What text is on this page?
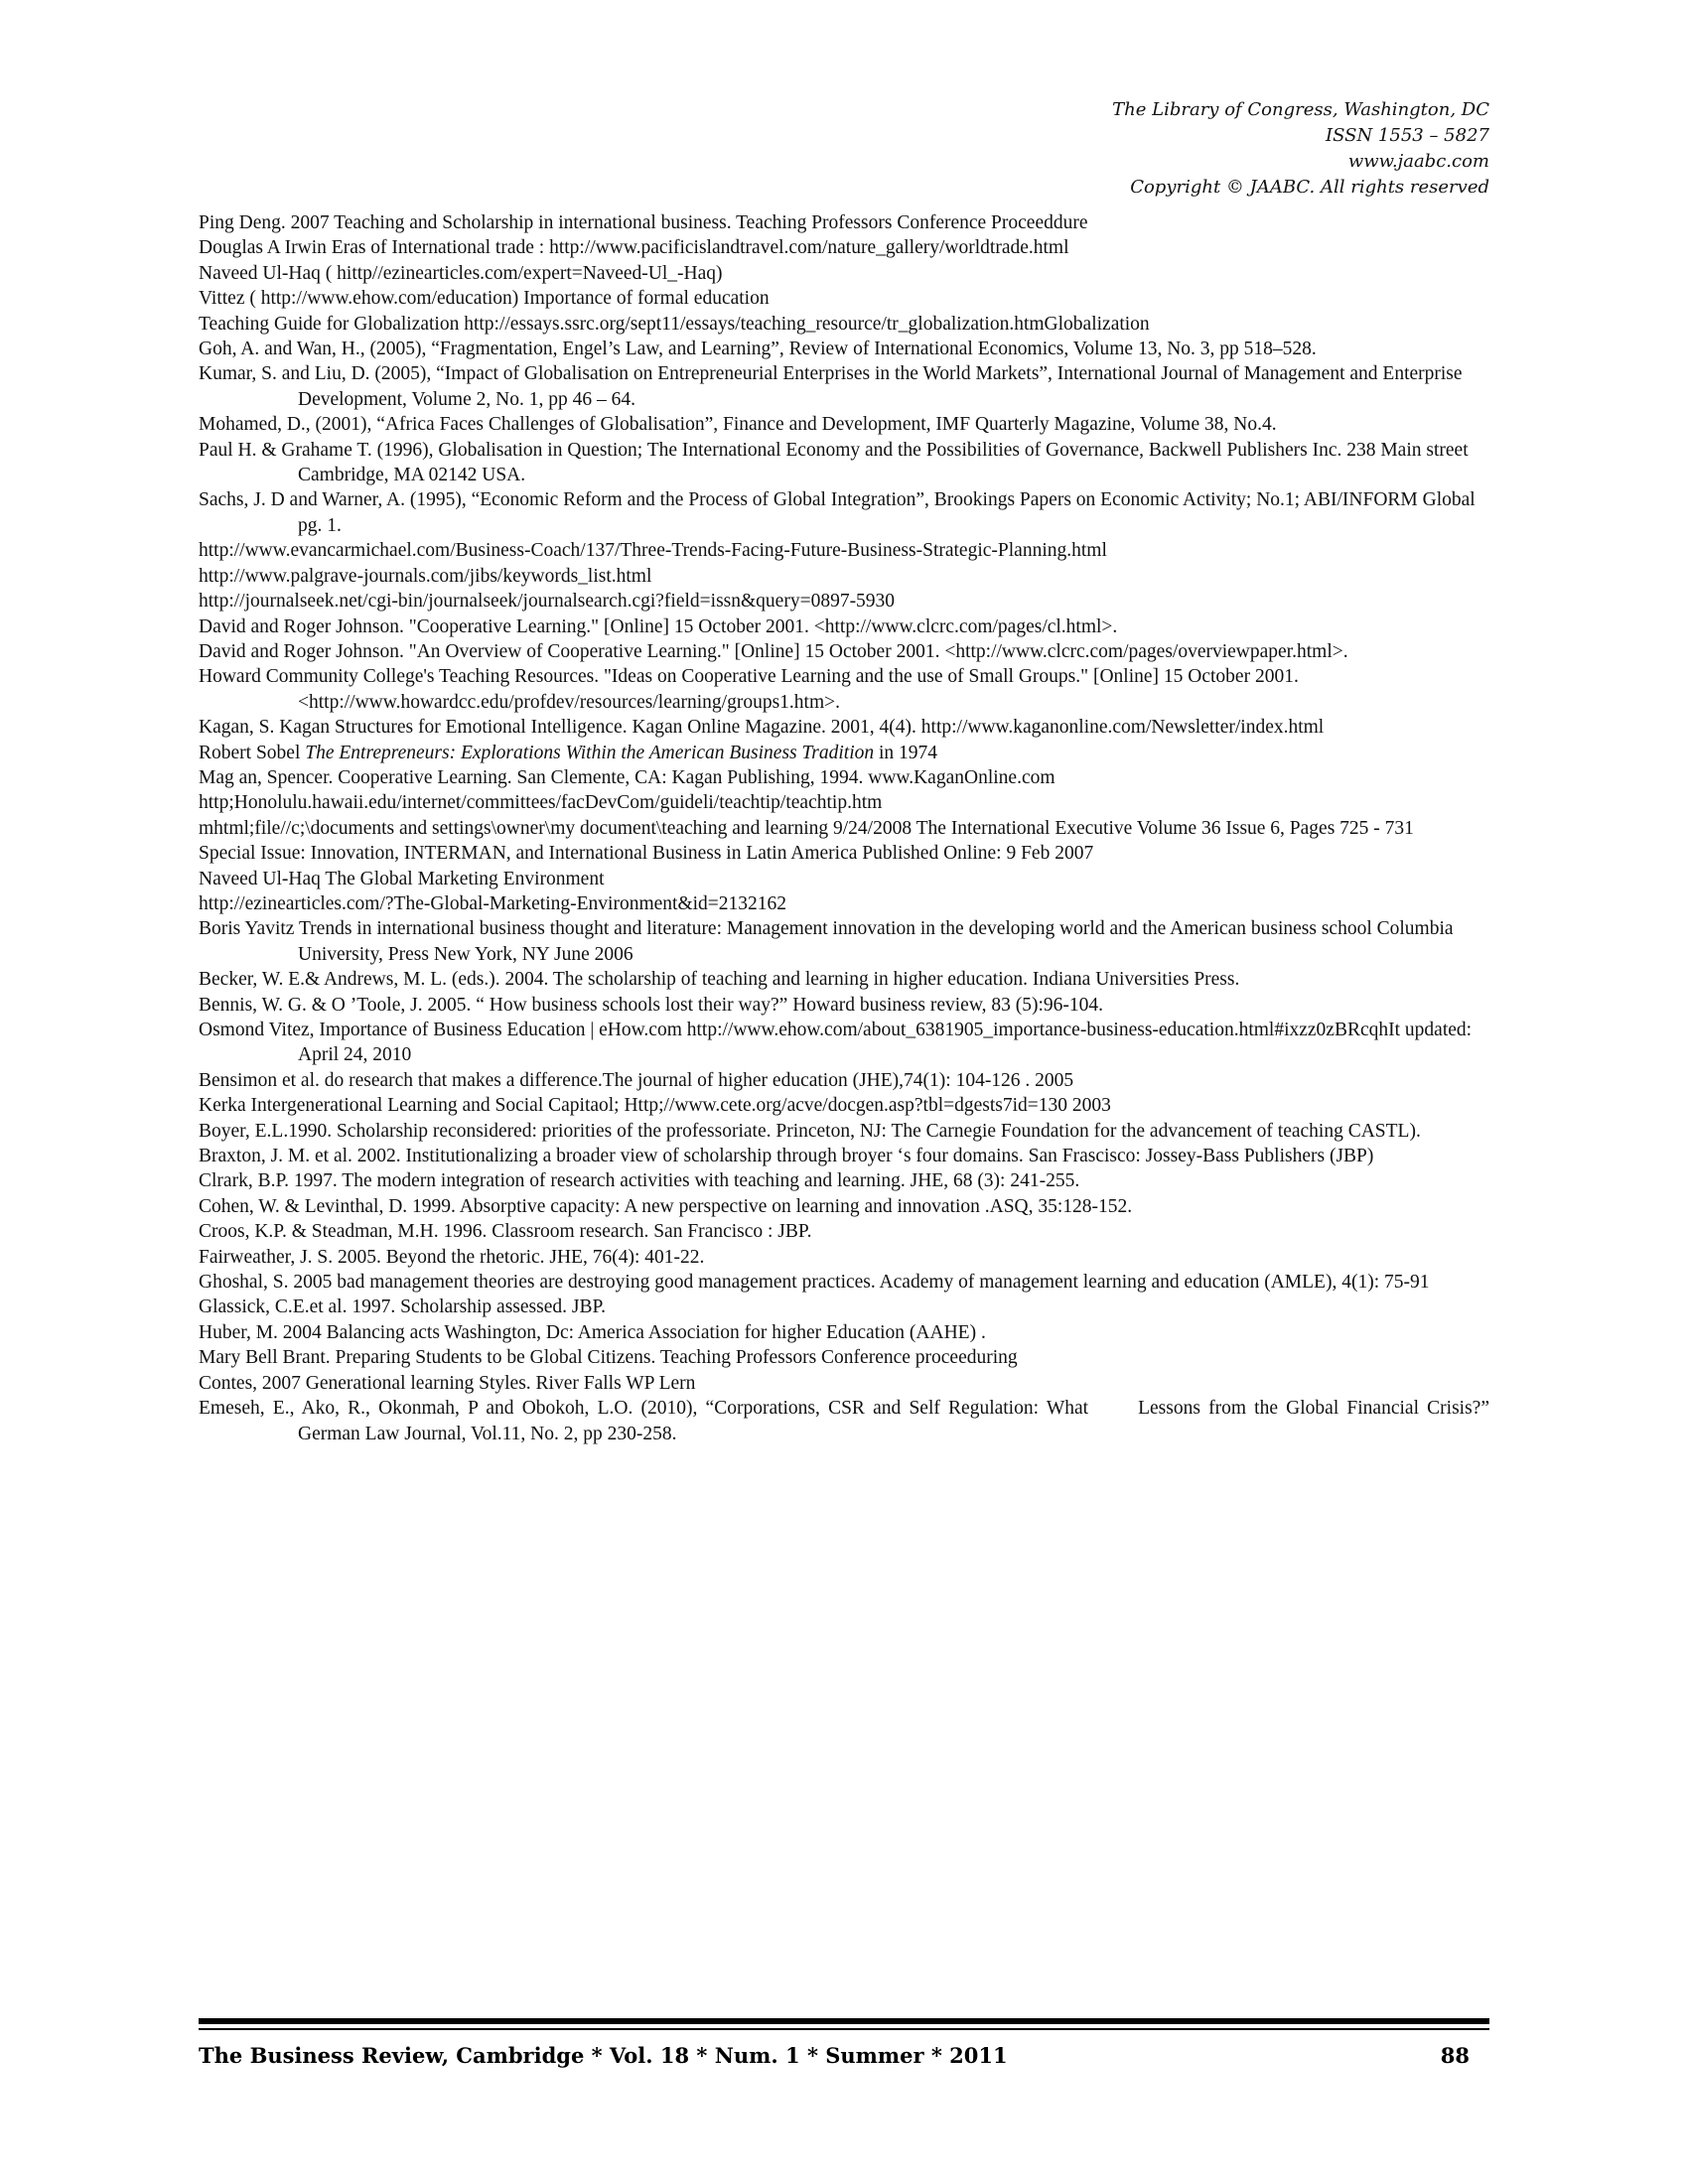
The Library of Congress, Washington, DC
ISSN 1553 – 5827
www.jaabc.com
Copyright © JAABC. All rights reserved
Ping Deng. 2007 Teaching and Scholarship in international business. Teaching Professors Conference Proceeddure
Douglas A Irwin Eras of International trade : http://www.pacificislandtravel.com/nature_gallery/worldtrade.html
Naveed Ul-Haq ( hittp//ezinearticles.com/expert=Naveed-Ul_-Haq)
Vittez ( http://www.ehow.com/education) Importance of formal education
Teaching Guide for Globalization http://essays.ssrc.org/sept11/essays/teaching_resource/tr_globalization.htmGlobalization
Goh, A. and Wan, H., (2005), “Fragmentation, Engel’s Law, and Learning”, Review of International Economics, Volume 13, No. 3, pp 518–528.
Kumar, S. and Liu, D. (2005), “Impact of Globalisation on Entrepreneurial Enterprises in the World Markets”, International Journal of Management and Enterprise Development, Volume 2, No. 1, pp 46 – 64.
Mohamed, D., (2001), “Africa Faces Challenges of Globalisation”, Finance and Development, IMF Quarterly Magazine, Volume 38, No.4.
Paul H. & Grahame T. (1996), Globalisation in Question; The International Economy and the Possibilities of Governance, Backwell Publishers Inc. 238 Main street Cambridge, MA 02142 USA.
Sachs, J. D and Warner, A. (1995), “Economic Reform and the Process of Global Integration”, Brookings Papers on Economic Activity; No.1; ABI/INFORM Global pg. 1.
http://www.evancarmichael.com/Business-Coach/137/Three-Trends-Facing-Future-Business-Strategic-Planning.html
http://www.palgrave-journals.com/jibs/keywords_list.html
http://journalseek.net/cgi-bin/journalseek/journalsearch.cgi?field=issn&query=0897-5930
David and Roger Johnson. "Cooperative Learning." [Online] 15 October 2001. <http://www.clcrc.com/pages/cl.html>.
David and Roger Johnson. "An Overview of Cooperative Learning." [Online] 15 October 2001. <http://www.clcrc.com/pages/overviewpaper.html>.
Howard Community College's Teaching Resources. "Ideas on Cooperative Learning and the use of Small Groups." [Online] 15 October 2001. <http://www.howardcc.edu/profdev/resources/learning/groups1.htm>.
Kagan, S. Kagan Structures for Emotional Intelligence. Kagan Online Magazine. 2001, 4(4). http://www.kaganonline.com/Newsletter/index.html
Robert Sobel The Entrepreneurs: Explorations Within the American Business Tradition in 1974
Mag an, Spencer. Cooperative Learning. San Clemente, CA: Kagan Publishing, 1994. www.KaganOnline.com
http;Honolulu.hawaii.edu/internet/committees/facDevCom/guideli/teachtip/teachtip.htm
mhtml;file//c;\documents and settings\owner\my document\teaching and learning 9/24/2008 The International Executive Volume 36 Issue 6, Pages 725 - 731
Special Issue: Innovation, INTERMAN, and International Business in Latin America Published Online: 9 Feb 2007
Naveed Ul-Haq The Global Marketing Environment
http://ezinearticles.com/?The-Global-Marketing-Environment&id=2132162
Boris Yavitz Trends in international business thought and literature: Management innovation in the developing world and the American business school Columbia University, Press New York, NY June 2006
Becker, W. E.& Andrews, M. L. (eds.). 2004. The scholarship of teaching and learning in higher education. Indiana Universities Press.
Bennis, W. G. & O ’Toole, J. 2005. “ How business schools lost their way?” Howard business review, 83 (5):96-104.
Osmond Vitez, Importance of Business Education | eHow.com http://www.ehow.com/about_6381905_importance-business-education.html#ixzz0zBRcqhIt updated: April 24, 2010
Bensimon et al. do research that makes a difference.The journal of higher education (JHE),74(1): 104-126 . 2005
Kerka Intergenerational Learning and Social Capitaol; Http;//www.cete.org/acve/docgen.asp?tbl=dgests7id=130 2003
Boyer, E.L.1990. Scholarship reconsidered: priorities of the professoriate. Princeton, NJ: The Carnegie Foundation for the advancement of teaching CASTL).
Braxton, J. M. et al. 2002. Institutionalizing a broader view of scholarship through broyer ‘s four domains. San Frascisco: Jossey-Bass Publishers (JBP)
Clrark, B.P. 1997. The modern integration of research activities with teaching and learning. JHE, 68 (3): 241-255.
Cohen, W. & Levinthal, D. 1999. Absorptive capacity: A new perspective on learning and innovation .ASQ, 35:128-152.
Croos, K.P. & Steadman, M.H. 1996. Classroom research. San Francisco : JBP.
Fairweather, J. S. 2005. Beyond the rhetoric. JHE, 76(4): 401-22.
Ghoshal, S. 2005 bad management theories are destroying good management practices. Academy of management learning and education (AMLE), 4(1): 75-91
Glassick, C.E.et al. 1997. Scholarship assessed. JBP.
Huber, M. 2004 Balancing acts Washington, Dc: America Association for higher Education (AAHE) .
Mary Bell Brant. Preparing Students to be Global Citizens. Teaching Professors Conference proceeduring
Contes, 2007 Generational learning Styles. River Falls WP Lern
Emeseh, E., Ako, R., Okonmah, P and Obokoh, L.O. (2010), “Corporations, CSR and Self Regulation: What	Lessons from the Global Financial Crisis?” German Law Journal, Vol.11, No. 2, pp 230-258.
The Business Review, Cambridge * Vol. 18 * Num. 1 * Summer * 2011	88
